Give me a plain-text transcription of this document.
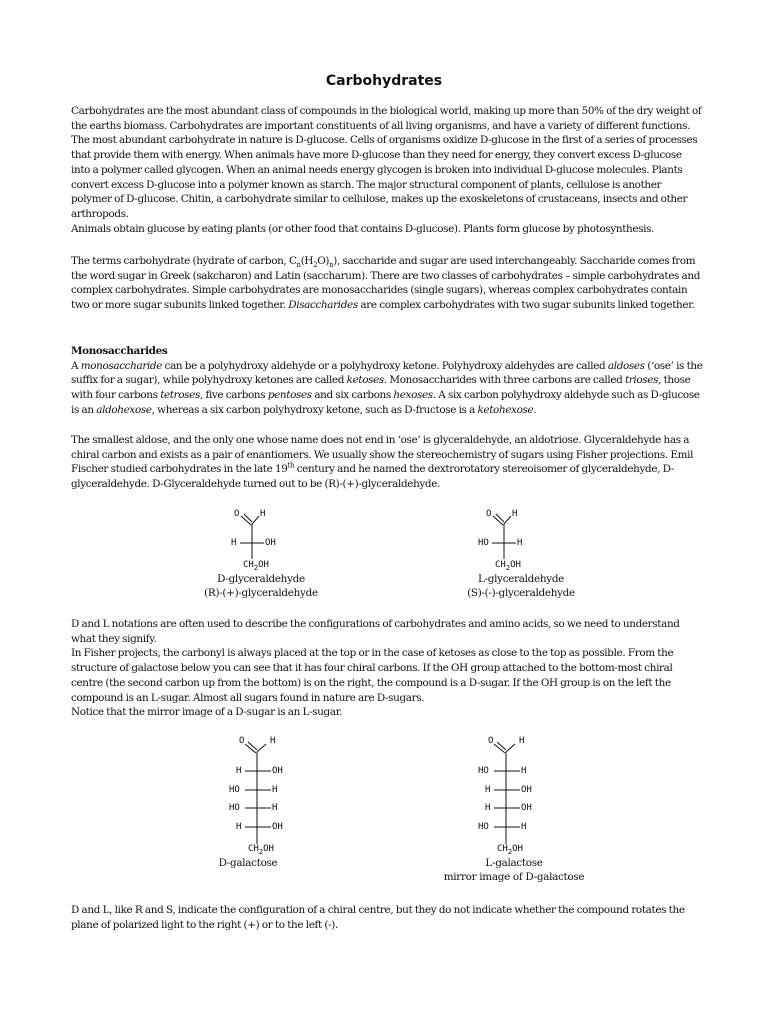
Carbohydrates

Carbohydrates are the most abundant class of compounds in the biological world, making up more than 50% of the dry weight of the earths biomass. Carbohydrates are important constituents of all living organisms, and have a variety of different functions. The most abundant carbohydrate in nature is D-glucose. Cells of organisms oxidize D-glucose in the first of a series of processes that provide them with energy. When animals have more D-glucose than they need for energy, they convert excess D-glucose into a polymer called glycogen. When an animal needs energy glycogen is broken into individual D-glucose molecules. Plants convert excess D-glucose into a polymer known as starch. The major structural component of plants, cellulose is another polymer of D-glucose. Chitin, a carbohydrate similar to cellulose, makes up the exoskeletons of crustaceans, insects and other arthropods.
Animals obtain glucose by eating plants (or other food that contains D-glucose). Plants form glucose by photosynthesis.

The terms carbohydrate (hydrate of carbon, $C_n(H_2O)_n$), saccharide and sugar are used interchangeably. Saccharide comes from the word sugar in Greek (sakcharon) and Latin (saccharum). There are two classes of carbohydrates – simple carbohydrates and complex carbohydrates. Simple carbohydrates are monosaccharides (single sugars), whereas complex carbohydrates contain two or more sugar subunits linked together. Disaccharides are complex carbohydrates with two sugar subunits linked together.

Monosaccharides
A monosaccharide can be a polyhydroxy aldehyde or a polyhydroxy ketone. Polyhydroxy aldehydes are called aldoses (‘ose’ is the suffix for a sugar), while polyhydroxy ketones are called ketoses. Monosaccharides with three carbons are called trioses, those with four carbons tetroses, five carbons pentoses and six carbons hexoses. A six carbon polyhydroxy aldehyde such as D-glucose is an aldohexose, whereas a six carbon polyhydroxy ketone, such as D-fructose is a ketohexose.

The smallest aldose, and the only one whose name does not end in ‘ose’ is glyceraldehyde, an aldotriose. Glyceraldehyde has a chiral carbon and exists as a pair of enantiomers. We usually show the stereochemistry of sugars using Fisher projections. Emil Fischer studied carbohydrates in the late 19th century and he named the dextrorotatory stereoisomer of glyceraldehyde, D-glyceraldehyde. D-Glyceraldehyde turned out to be (R)-(+)-glyceraldehyde.

O H
H	OH
$CH_2OH$
D-glyceraldehyde
(R)-(+)-glyceraldehyde
O H
HO	H
$CH_2OH$
L-glyceraldehyde
(S)-(-)-glyceraldehyde

D and L notations are often used to describe the configurations of carbohydrates and amino acids, so we need to understand what they signify.
In Fisher projects, the carbonyl is always placed at the top or in the case of ketoses as close to the top as possible. From the structure of galactose below you can see that it has four chiral carbons. If the OH group attached to the bottom-most chiral centre (the second carbon up from the bottom) is on the right, the compound is a D-sugar. If the OH group is on the left the compound is an L-sugar. Almost all sugars found in nature are D-sugars.
Notice that the mirror image of a D-sugar is an L-sugar.

O	H
H	OH
HO	H
HO	H
H	OH
$CH_2OH$
D-galactose
O	H
HO	H
H	OH
H	OH
HO	H
$CH_2OH$
L-galactose
mirror image of D-galactose

D and L, like R and S, indicate the configuration of a chiral centre, but they do not indicate whether the compound rotates the plane of polarized light to the right (+) or to the left (-).
